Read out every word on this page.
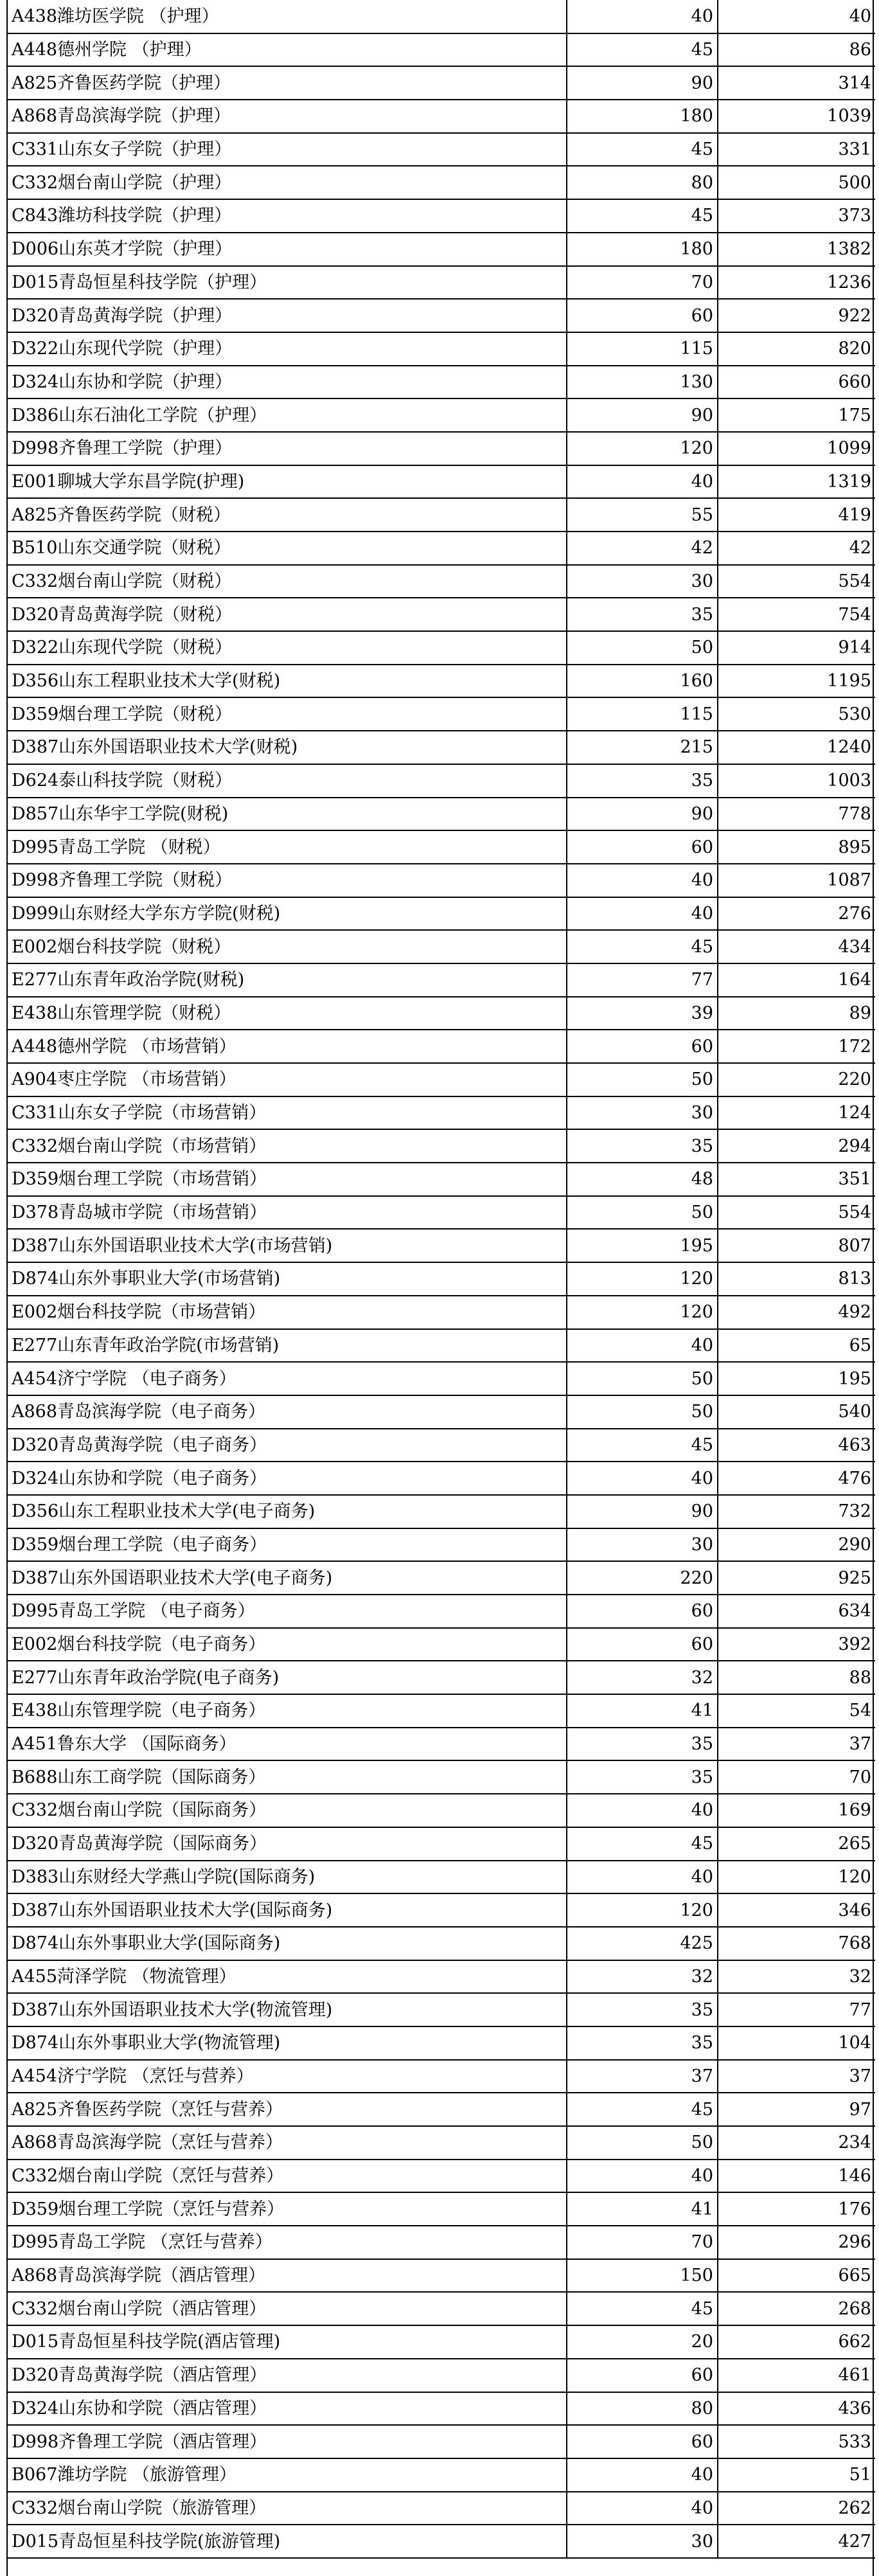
A438潍坊医学院 （护理）	40	40
A448德州学院 （护理）	45	86
A825齐鲁医药学院（护理）	90	314
A868青岛滨海学院（护理）	180	1039
C331山东女子学院（护理）	45	331
C332烟台南山学院（护理）	80	500
C843潍坊科技学院（护理）	45	373
D006山东英才学院（护理）	180	1382
D015青岛恒星科技学院（护理）	70	1236
D320青岛黄海学院（护理）	60	922
D322山东现代学院（护理）	115	820
D324山东协和学院（护理）	130	660
D386山东石油化工学院（护理）	90	175
D998齐鲁理工学院（护理）	120	1099
E001聊城大学东昌学院(护理)	40	1319
A825齐鲁医药学院（财税）	55	419
B510山东交通学院（财税）	42	42
C332烟台南山学院（财税）	30	554
D320青岛黄海学院（财税）	35	754
D322山东现代学院（财税）	50	914
D356山东工程职业技术大学(财税)	160	1195
D359烟台理工学院（财税）	115	530
D387山东外国语职业技术大学(财税)	215	1240
D624泰山科技学院（财税）	35	1003
D857山东华宇工学院(财税)	90	778
D995青岛工学院 （财税）	60	895
D998齐鲁理工学院（财税）	40	1087
D999山东财经大学东方学院(财税)	40	276
E002烟台科技学院（财税）	45	434
E277山东青年政治学院(财税)	77	164
E438山东管理学院（财税）	39	89
A448德州学院 （市场营销）	60	172
A904枣庄学院 （市场营销）	50	220
C331山东女子学院（市场营销）	30	124
C332烟台南山学院（市场营销）	35	294
D359烟台理工学院（市场营销）	48	351
D378青岛城市学院（市场营销）	50	554
D387山东外国语职业技术大学(市场营销)	195	807
D874山东外事职业大学(市场营销)	120	813
E002烟台科技学院（市场营销）	120	492
E277山东青年政治学院(市场营销)	40	65
A454济宁学院 （电子商务）	50	195
A868青岛滨海学院（电子商务）	50	540
D320青岛黄海学院（电子商务）	45	463
D324山东协和学院（电子商务）	40	476
D356山东工程职业技术大学(电子商务)	90	732
D359烟台理工学院（电子商务）	30	290
D387山东外国语职业技术大学(电子商务)	220	925
D995青岛工学院 （电子商务）	60	634
E002烟台科技学院（电子商务）	60	392
E277山东青年政治学院(电子商务)	32	88
E438山东管理学院（电子商务）	41	54
A451鲁东大学 （国际商务）	35	37
B688山东工商学院（国际商务）	35	70
C332烟台南山学院（国际商务）	40	169
D320青岛黄海学院（国际商务）	45	265
D383山东财经大学燕山学院(国际商务)	40	120
D387山东外国语职业技术大学(国际商务)	120	346
D874山东外事职业大学(国际商务)	425	768
A455菏泽学院 （物流管理）	32	32
D387山东外国语职业技术大学(物流管理)	35	77
D874山东外事职业大学(物流管理)	35	104
A454济宁学院 （烹饪与营养）	37	37
A825齐鲁医药学院（烹饪与营养）	45	97
A868青岛滨海学院（烹饪与营养）	50	234
C332烟台南山学院（烹饪与营养）	40	146
D359烟台理工学院（烹饪与营养）	41	176
D995青岛工学院 （烹饪与营养）	70	296
A868青岛滨海学院（酒店管理）	150	665
C332烟台南山学院（酒店管理）	45	268
D015青岛恒星科技学院(酒店管理)	20	662
D320青岛黄海学院（酒店管理）	60	461
D324山东协和学院（酒店管理）	80	436
D998齐鲁理工学院（酒店管理）	60	533
B067潍坊学院 （旅游管理）	40	51
C332烟台南山学院（旅游管理）	40	262
D015青岛恒星科技学院(旅游管理)	30	427
